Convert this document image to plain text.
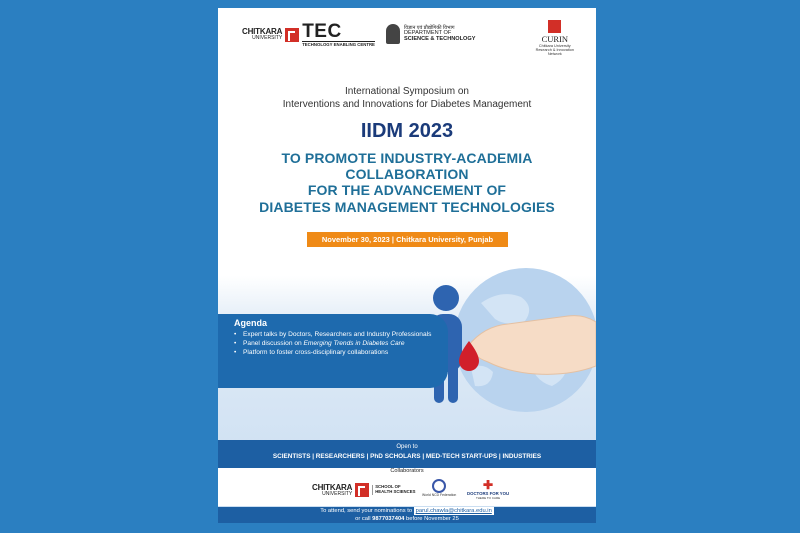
CHITKARA
UNIVERSITY TEC
TECHNOLOGY ENABLING CENTRE
विज्ञान एवं प्रौद्योगिकी विभाग
DEPARTMENT OF
SCIENCE & TECHNOLOGY	CURIN
Chitkara University
Research & Innovation
Network
International Symposium on
Interventions and Innovations for Diabetes Management
IIDM 2023
TO PROMOTE INDUSTRY-ACADEMIA
COLLABORATION
FOR THE ADVANCEMENT OF
DIABETES MANAGEMENT TECHNOLOGIES
November 30, 2023 | Chitkara University, Punjab
Agenda
• Expert talks by Doctors, Researchers and Industry Professionals
• Panel discussion on Emerging Trends in Diabetes Care
• Platform to foster cross-disciplinary collaborations
Open to
SCIENTISTS | RESEARCHERS | PhD SCHOLARS | MED-TECH START-UPS | INDUSTRIES
Collaborators
CHITKARA
UNIVERSITY
SCHOOL OF
HEALTH SCIENCES
World NCD Federation
✚
DOCTORS FOR YOU
THERE TO CARE
To attend, send your nominations to parul.chawla@chitkara.edu.in
or call 9877037404 before November 25
